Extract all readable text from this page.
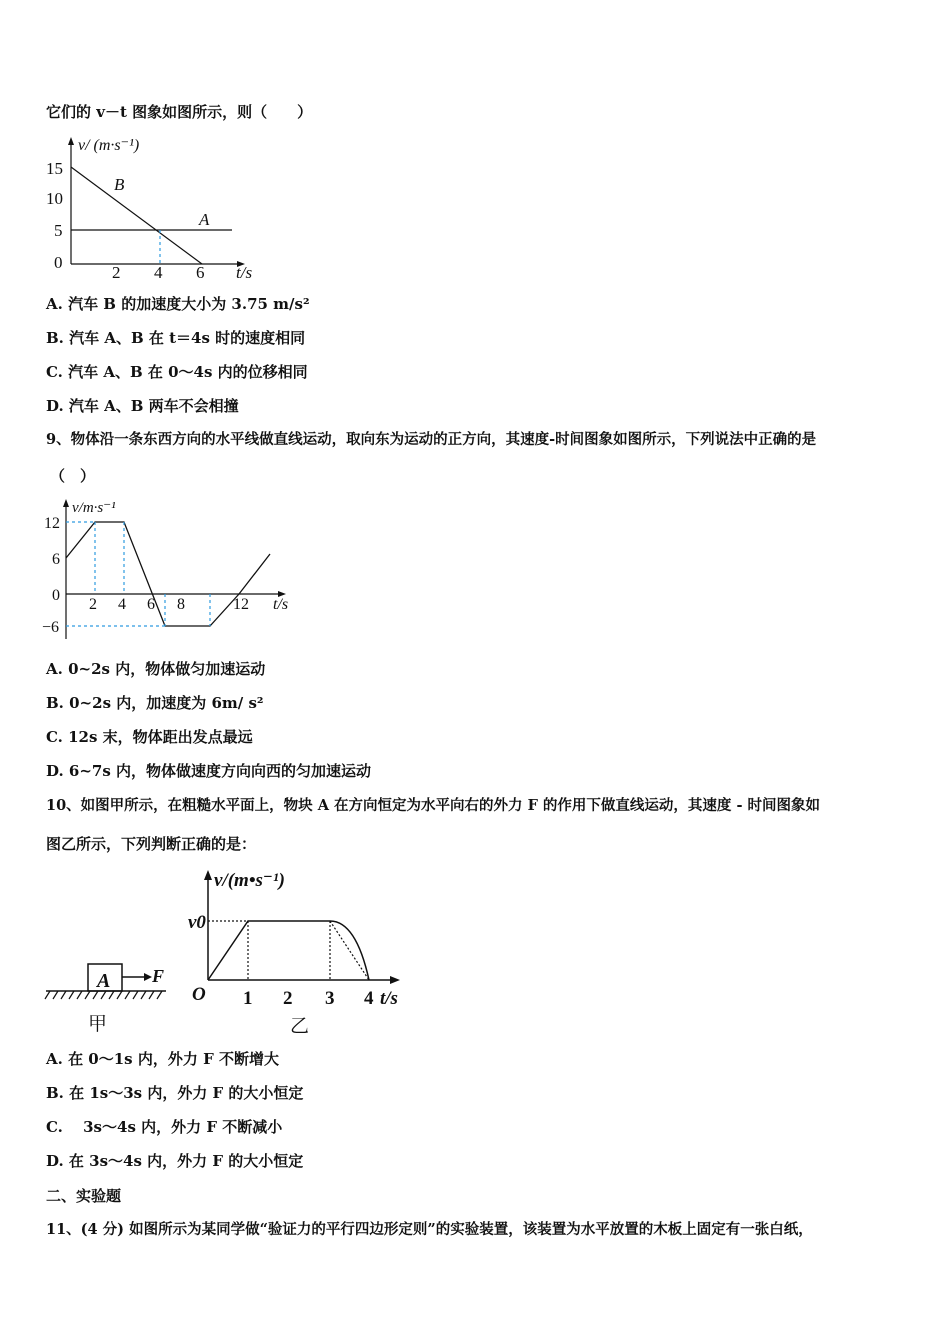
它们的 v－t 图象如图所示，则（　　）
v/ (m·s⁻¹)
15
10
5
0
2 4 6 t/s
B
A
A. 汽车 B 的加速度大小为 3.75 m/s²
B. 汽车 A、B 在 t＝4s 时的速度相同
C. 汽车 A、B 在 0～4s 内的位移相同
D. 汽车 A、B 两车不会相撞
9、物体沿一条东西方向的水平线做直线运动，取向东为运动的正方向，其速度-时间图象如图所示，下列说法中正确的是
（　）
v/m·s⁻¹
12
6
0
−6
2 4 6 8	12 t/s
A. 0~2s 内，物体做匀加速运动
B. 0~2s 内，加速度为 6m/ s²
C. 12s 末，物体距出发点最远
D. 6~7s 内，物体做速度方向向西的匀加速运动
10、如图甲所示，在粗糙水平面上，物块 A 在方向恒定为水平向右的外力 F 的作用下做直线运动，其速度 - 时间图象如
图乙所示，下列判断正确的是：
A F
甲
v/(m•s⁻¹)
v0
O 1 2 3 4 t/s
乙
A. 在 0～1s 内，外力 F 不断增大
B. 在 1s～3s 内，外力 F 的大小恒定
C.　 3s～4s 内，外力 F 不断减小
D. 在 3s～4s 内，外力 F 的大小恒定
二、实验题
11、(4 分) 如图所示为某同学做“验证力的平行四边形定则”的实验装置，该装置为水平放置的木板上固定有一张白纸，
